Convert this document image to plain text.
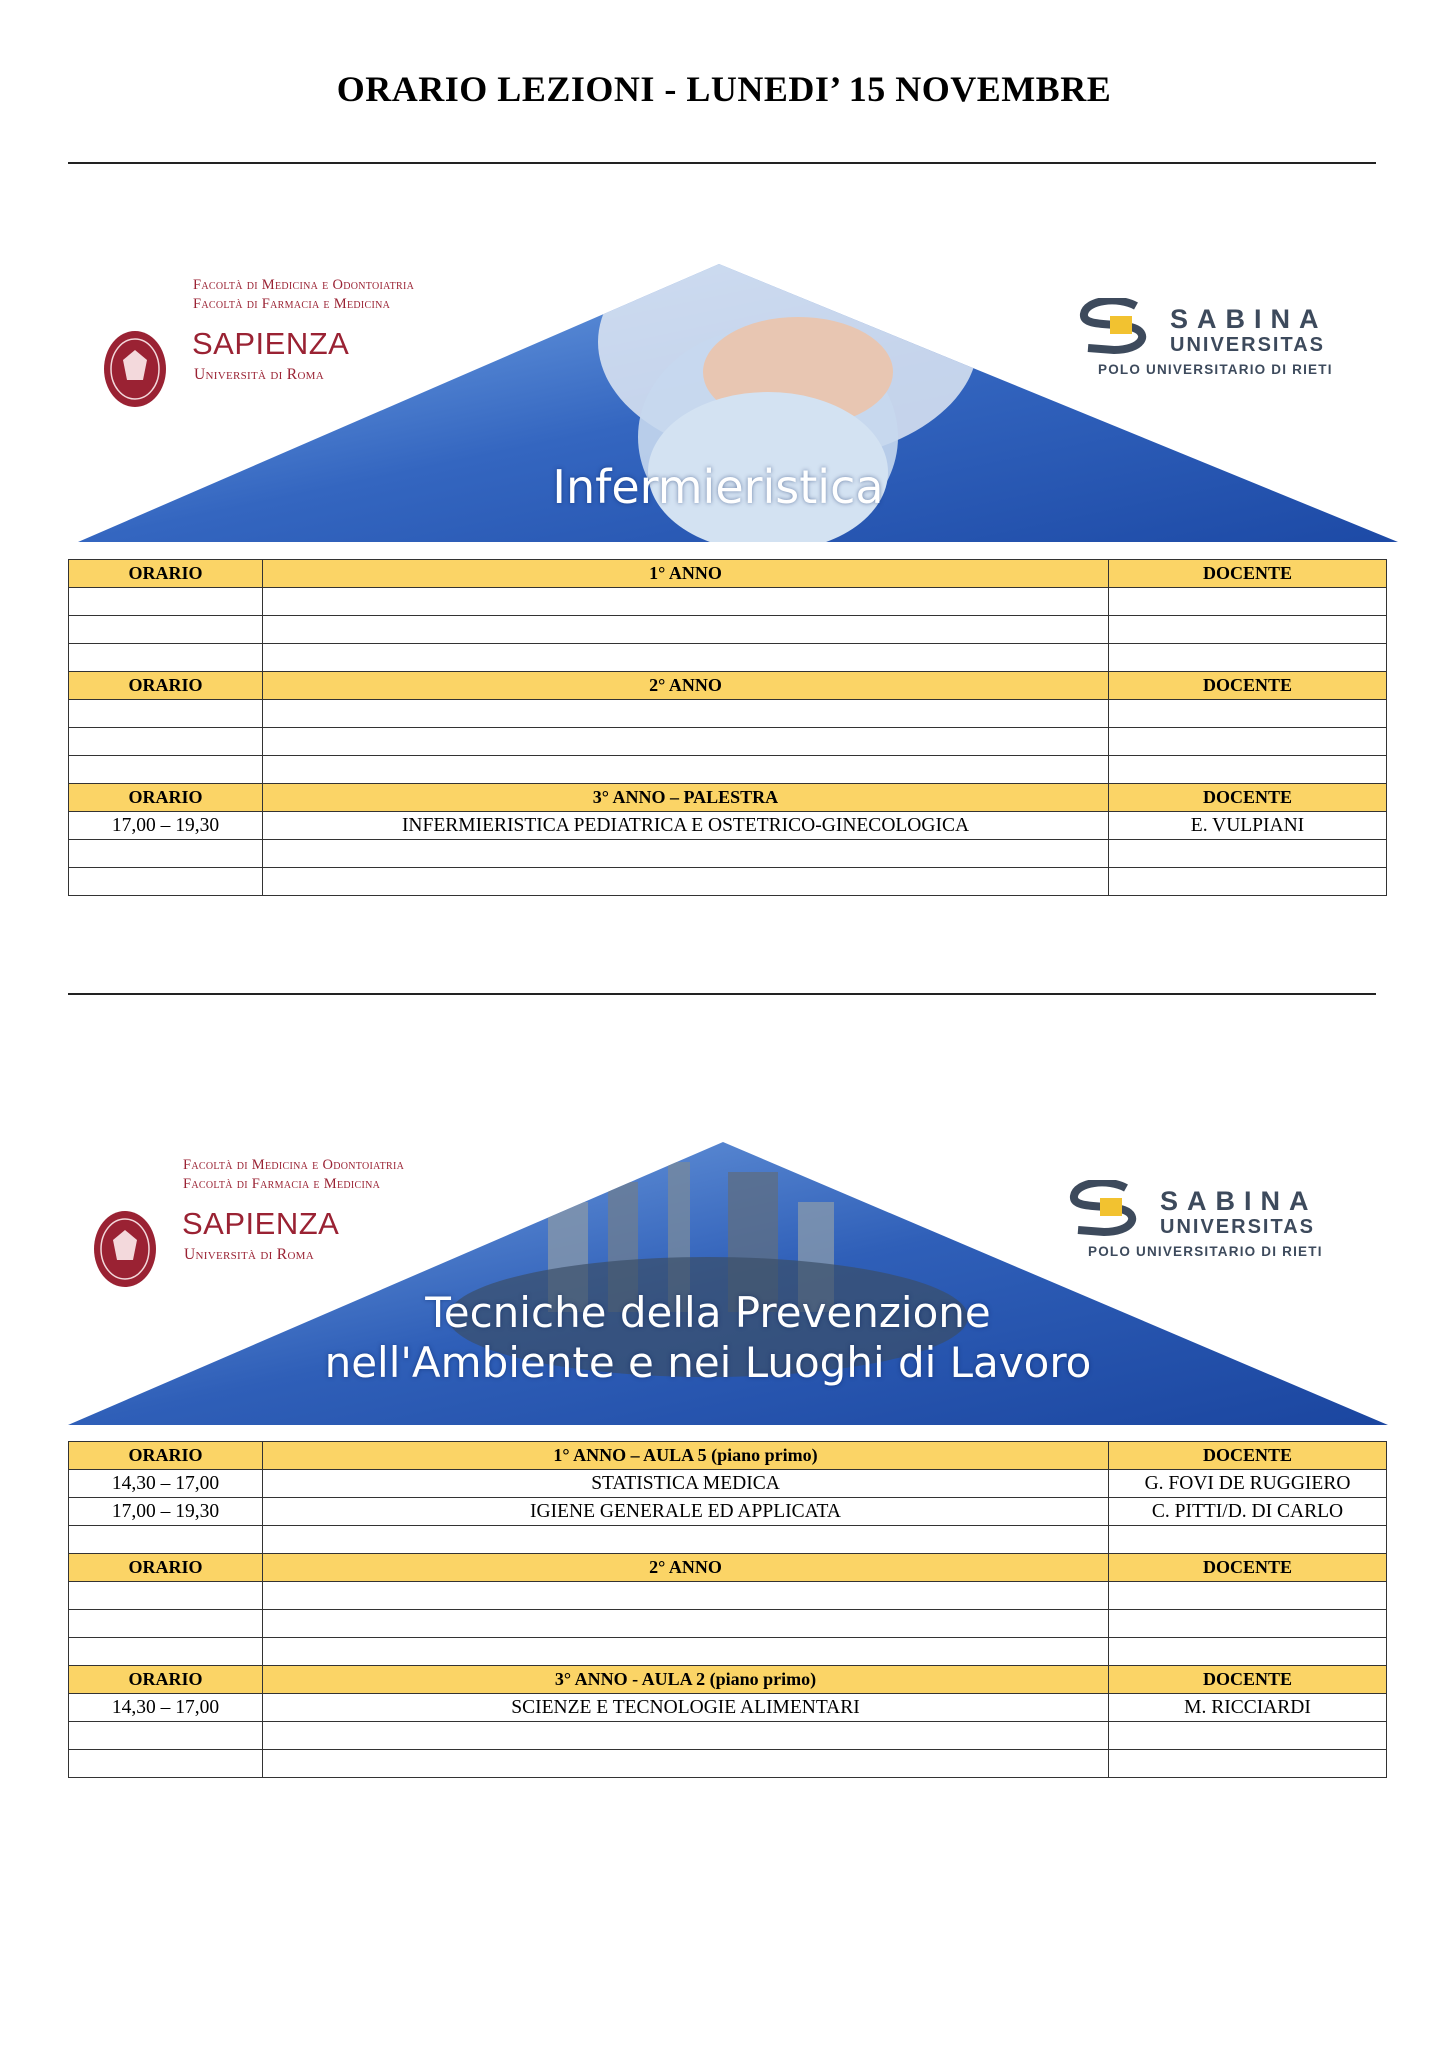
ORARIO LEZIONI - LUNEDI’ 15 NOVEMBRE
Facoltà di Medicina e Odontoiatria
Facoltà di Farmacia e Medicina
SAPIENZA
Università di Roma
SABINA
UNIVERSITAS
POLO UNIVERSITARIO DI RIETI
Infermieristica
ORARIO	1° ANNO	DOCENTE

ORARIO	2° ANNO	DOCENTE

ORARIO	3° ANNO – PALESTRA	DOCENTE
17,00 – 19,30	INFERMIERISTICA PEDIATRICA E OSTETRICO-GINECOLOGICA	E. VULPIANI

Facoltà di Medicina e Odontoiatria
Facoltà di Farmacia e Medicina
SAPIENZA
Università di Roma
SABINA
UNIVERSITAS
POLO UNIVERSITARIO DI RIETI
Tecniche della Prevenzione
nell'Ambiente e nei Luoghi di Lavoro
ORARIO	1° ANNO – AULA 5 (piano primo)	DOCENTE
14,30 – 17,00	STATISTICA MEDICA	G. FOVI DE RUGGIERO
17,00 – 19,30	IGIENE GENERALE ED APPLICATA	C. PITTI/D. DI CARLO

ORARIO	2° ANNO	DOCENTE

ORARIO	3° ANNO - AULA 2 (piano primo)	DOCENTE
14,30 – 17,00	SCIENZE E TECNOLOGIE ALIMENTARI	M. RICCIARDI
